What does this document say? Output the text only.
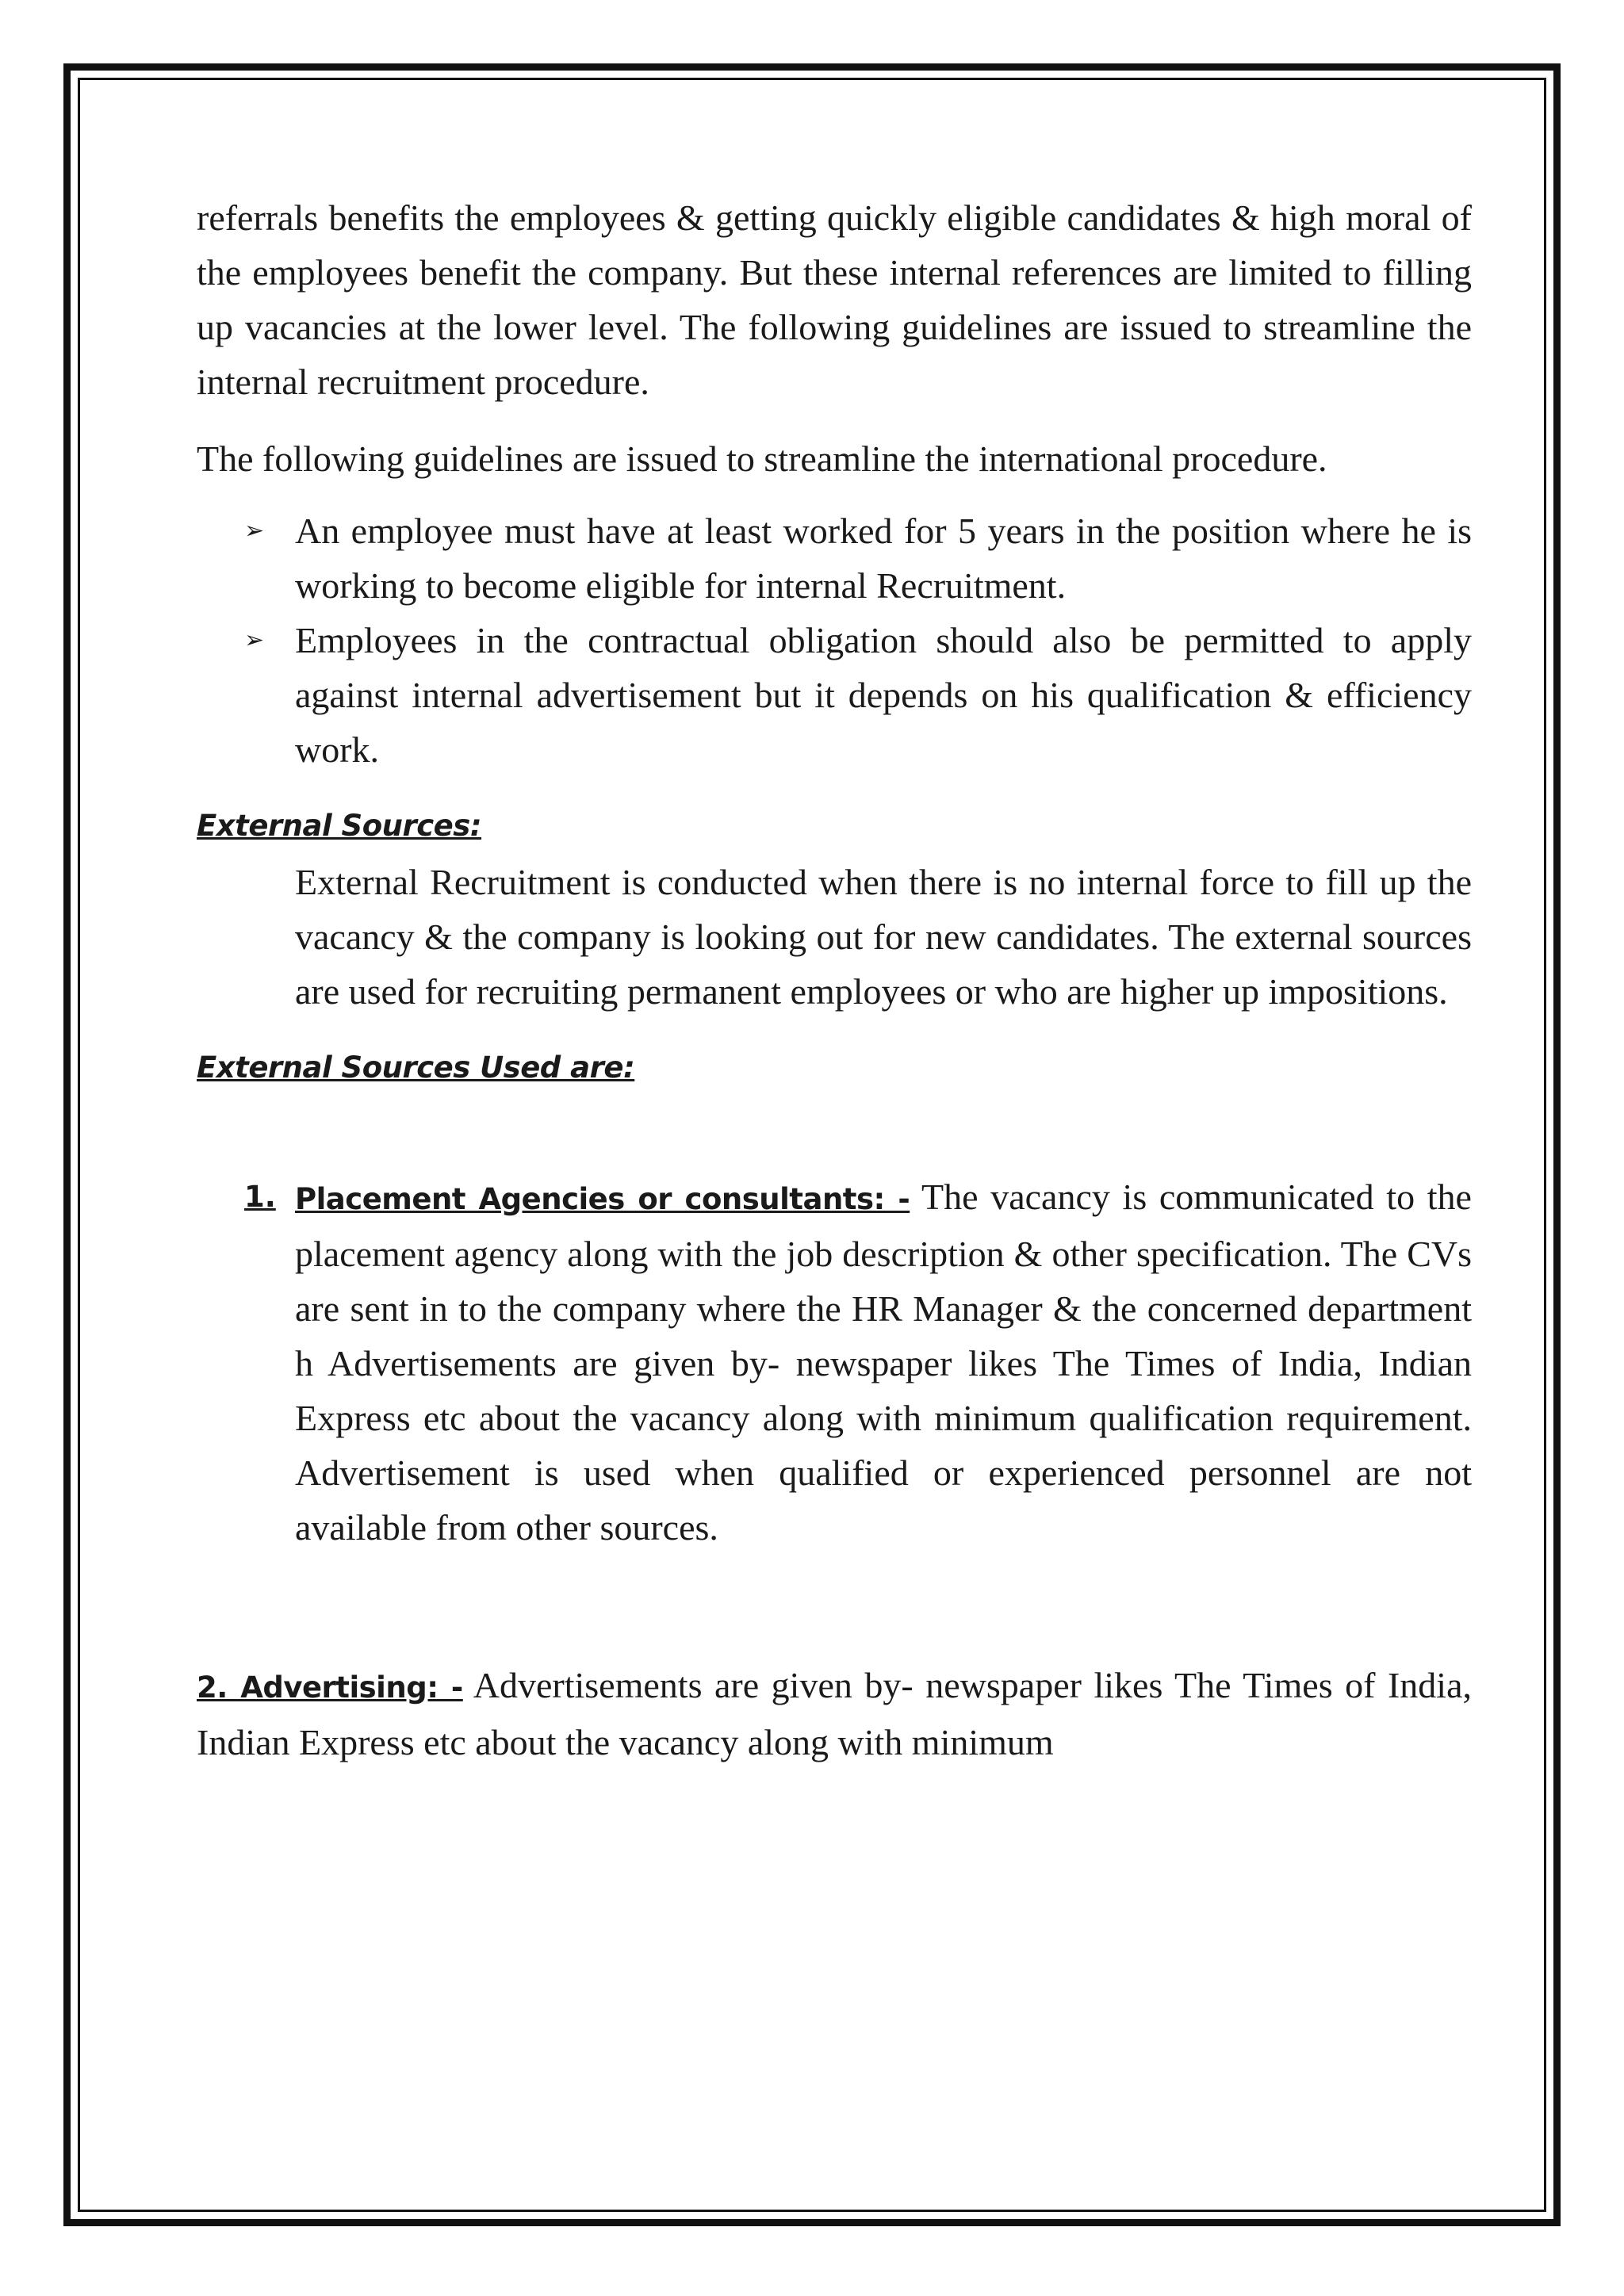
referrals benefits the employees & getting quickly eligible candidates & high moral of the employees benefit the company. But these internal references are limited to filling up vacancies at the lower level. The following guidelines are issued to streamline the internal recruitment procedure.

The following guidelines are issued to streamline the international procedure.

➢ An employee must have at least worked for 5 years in the position where he is working to become eligible for internal Recruitment.
➢ Employees in the contractual obligation should also be permitted to apply against internal advertisement but it depends on his qualification & efficiency work.

External Sources:

External Recruitment is conducted when there is no internal force to fill up the vacancy & the company is looking out for new candidates. The external sources are used for recruiting permanent employees or who are higher up impositions.

External Sources Used are:

1. Placement Agencies or consultants: - The vacancy is communicated to the placement agency along with the job description & other specification. The CVs are sent in to the company where the HR Manager & the concerned department h Advertisements are given by- newspaper likes The Times of India, Indian Express etc about the vacancy along with minimum qualification requirement. Advertisement is used when qualified or experienced personnel are not available from other sources.

2. Advertising: - Advertisements are given by- newspaper likes The Times of India, Indian Express etc about the vacancy along with minimum
